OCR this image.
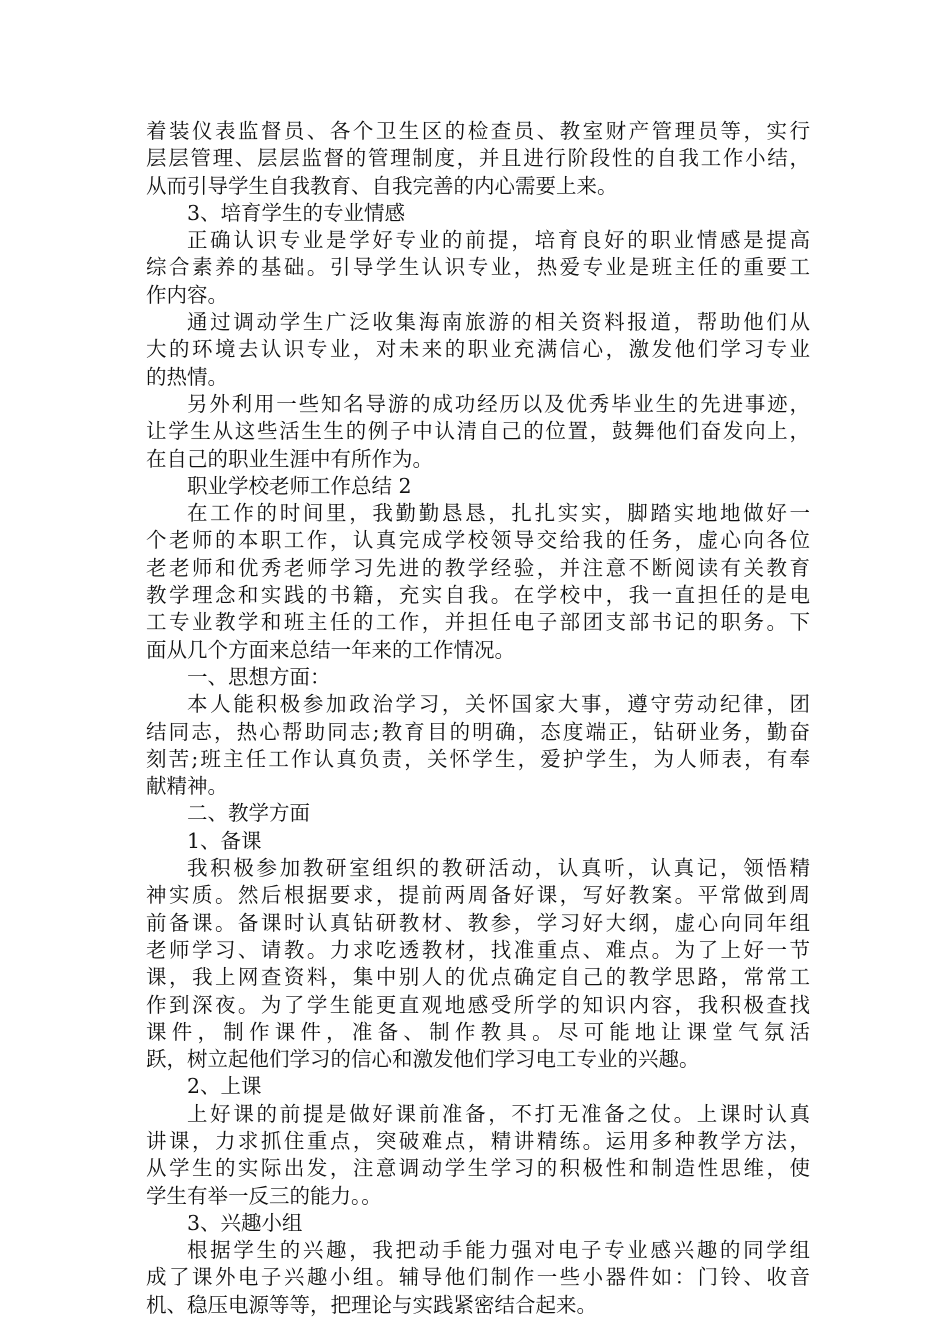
着装仪表监督员、各个卫生区的检查员、教室财产管理员等，实行
层层管理、层层监督的管理制度，并且进行阶段性的自我工作小结，
从而引导学生自我教育、自我完善的内心需要上来。
3、培育学生的专业情感
正确认识专业是学好专业的前提，培育良好的职业情感是提高
综合素养的基础。引导学生认识专业，热爱专业是班主任的重要工
作内容。
通过调动学生广泛收集海南旅游的相关资料报道，帮助他们从
大的环境去认识专业，对未来的职业充满信心，激发他们学习专业
的热情。
另外利用一些知名导游的成功经历以及优秀毕业生的先进事迹，
让学生从这些活生生的例子中认清自己的位置，鼓舞他们奋发向上，
在自己的职业生涯中有所作为。
职业学校老师工作总结 2
在工作的时间里，我勤勤恳恳，扎扎实实，脚踏实地地做好一
个老师的本职工作，认真完成学校领导交给我的任务，虚心向各位
老老师和优秀老师学习先进的教学经验，并注意不断阅读有关教育
教学理念和实践的书籍，充实自我。在学校中，我一直担任的是电
工专业教学和班主任的工作，并担任电子部团支部书记的职务。下
面从几个方面来总结一年来的工作情况。
一、思想方面：
本人能积极参加政治学习，关怀国家大事，遵守劳动纪律，团
结同志，热心帮助同志;教育目的明确，态度端正，钻研业务，勤奋
刻苦;班主任工作认真负责，关怀学生，爱护学生，为人师表，有奉
献精神。
二、教学方面
1、备课
我积极参加教研室组织的教研活动，认真听，认真记，领悟精
神实质。然后根据要求，提前两周备好课，写好教案。平常做到周
前备课。备课时认真钻研教材、教参，学习好大纲，虚心向同年组
老师学习、请教。力求吃透教材，找准重点、难点。为了上好一节
课，我上网查资料，集中别人的优点确定自己的教学思路，常常工
作到深夜。为了学生能更直观地感受所学的知识内容，我积极查找
课件，制作课件，准备、制作教具。尽可能地让课堂气氛活
跃，树立起他们学习的信心和激发他们学习电工专业的兴趣。
2、上课
上好课的前提是做好课前准备，不打无准备之仗。上课时认真
讲课，力求抓住重点，突破难点，精讲精练。运用多种教学方法，
从学生的实际出发，注意调动学生学习的积极性和制造性思维，使
学生有举一反三的能力。。
3、兴趣小组
根据学生的兴趣，我把动手能力强对电子专业感兴趣的同学组
成了课外电子兴趣小组。辅导他们制作一些小器件如：门铃、收音
机、稳压电源等等，把理论与实践紧密结合起来。
